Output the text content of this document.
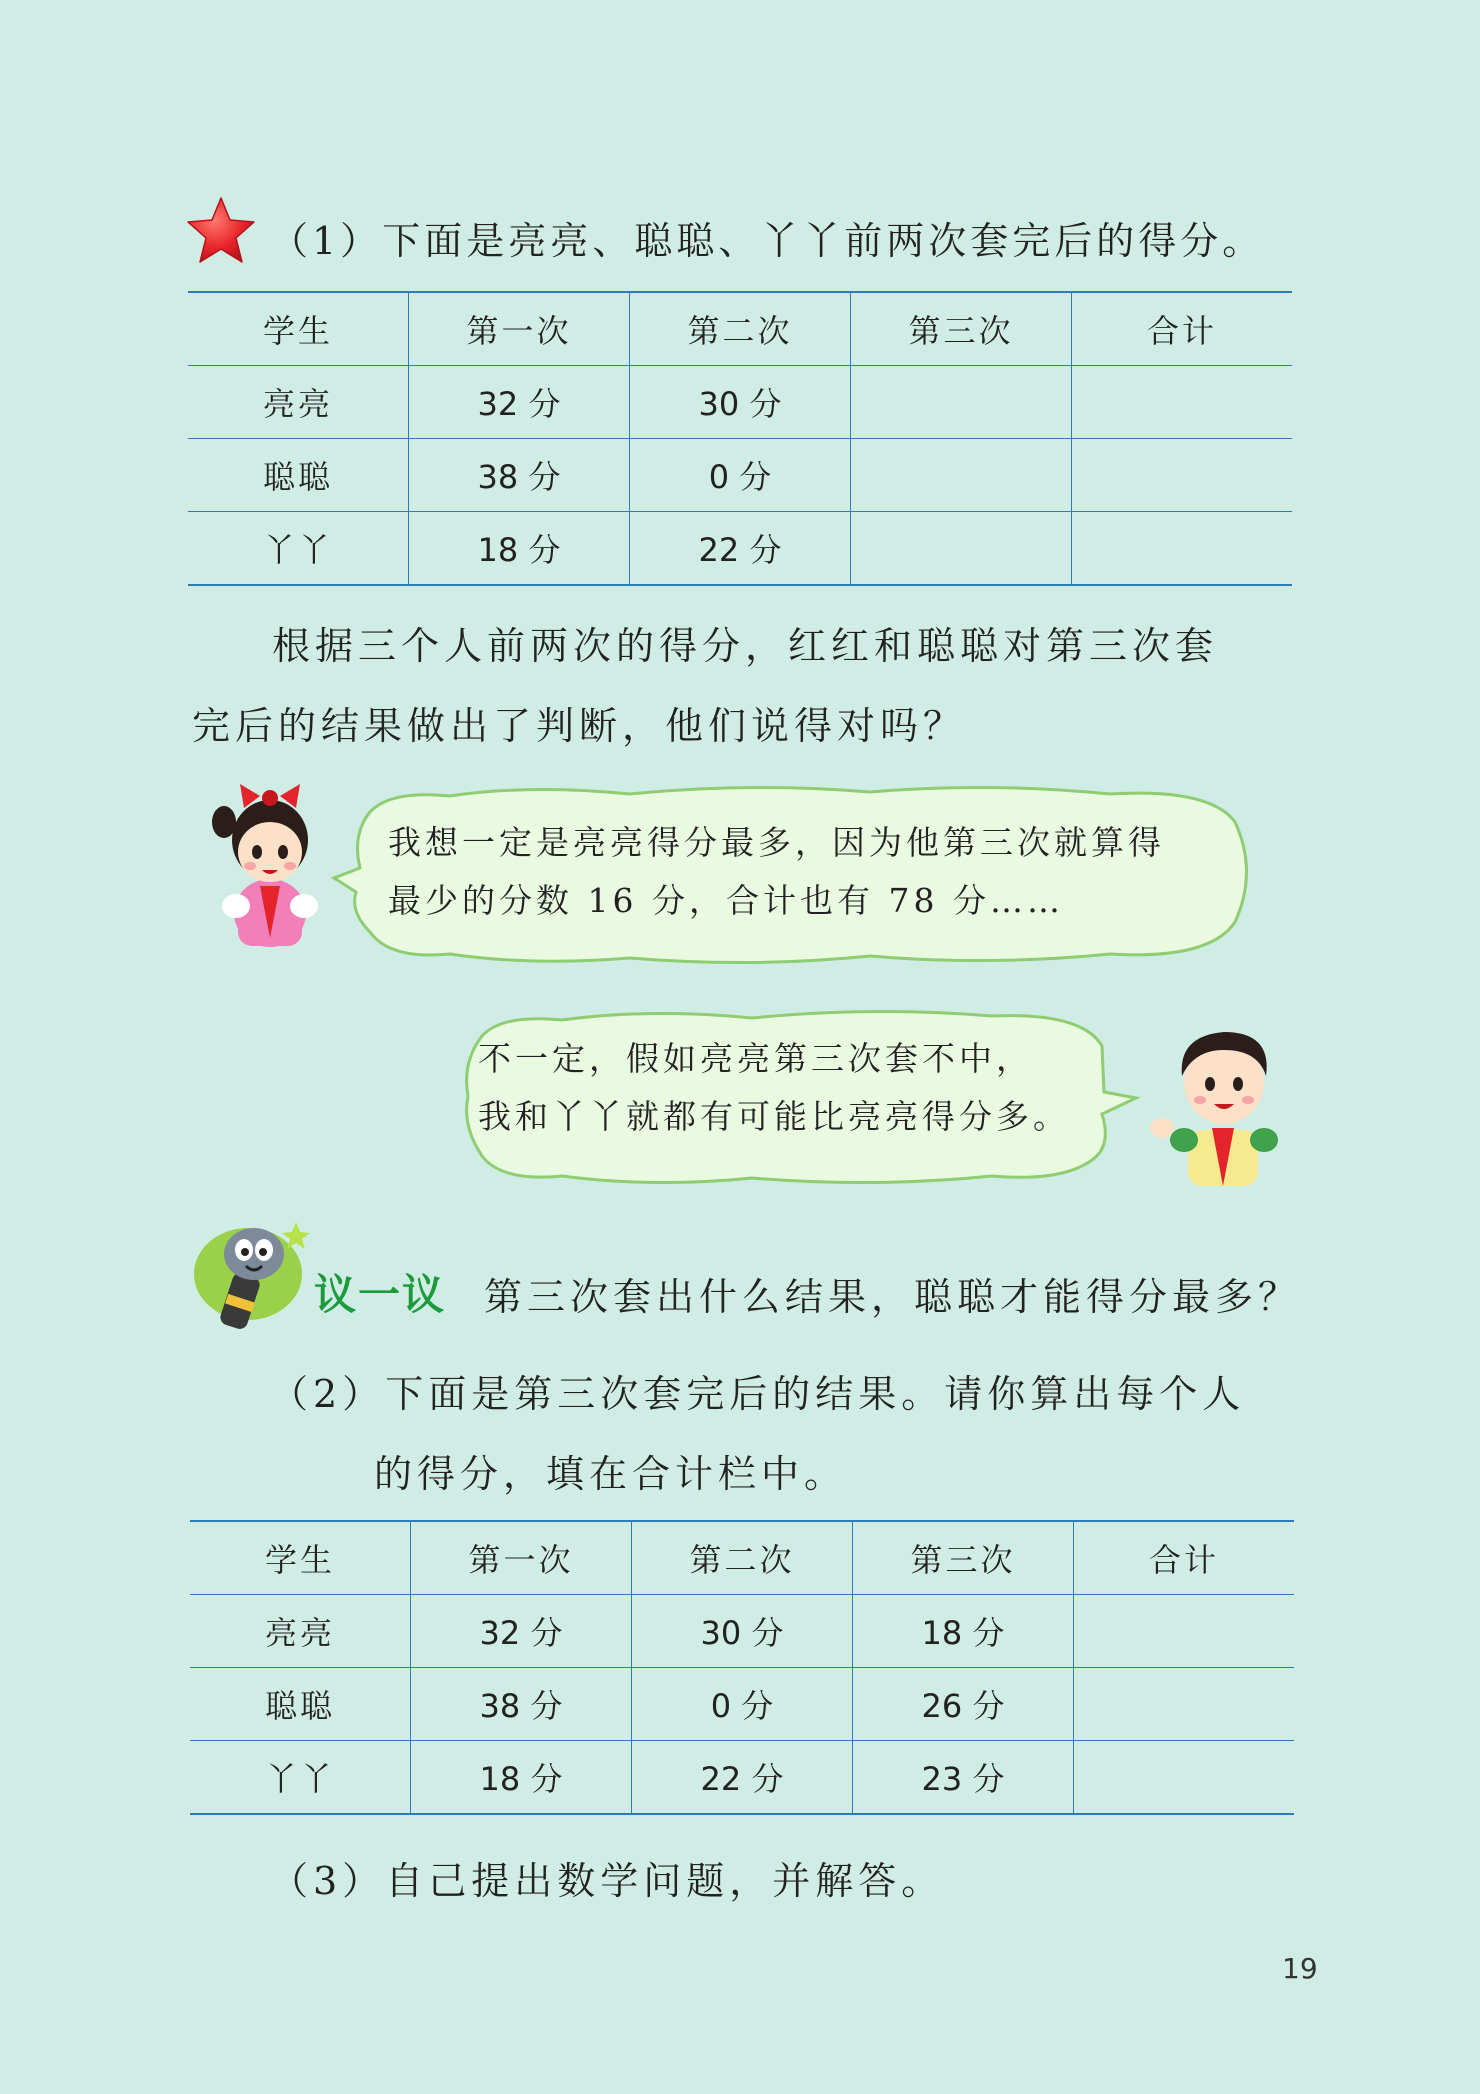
（1）下面是亮亮、聪聪、丫丫前两次套完后的得分。
学生	第一次	第二次	第三次	合计
亮亮	32 分	30 分		
聪聪	38 分	0 分		
丫丫	18 分	22 分		
根据三个人前两次的得分，红红和聪聪对第三次套
完后的结果做出了判断，他们说得对吗？
我想一定是亮亮得分最多，因为他第三次就算得
最少的分数 16 分，合计也有 78 分……
不一定，假如亮亮第三次套不中，
我和丫丫就都有可能比亮亮得分多。
议一议 第三次套出什么结果，聪聪才能得分最多？
（2）下面是第三次套完后的结果。请你算出每个人
的得分，填在合计栏中。
学生	第一次	第二次	第三次	合计
亮亮	32 分	30 分	18 分	
聪聪	38 分	0 分	26 分	
丫丫	18 分	22 分	23 分	
（3）自己提出数学问题，并解答。
19
